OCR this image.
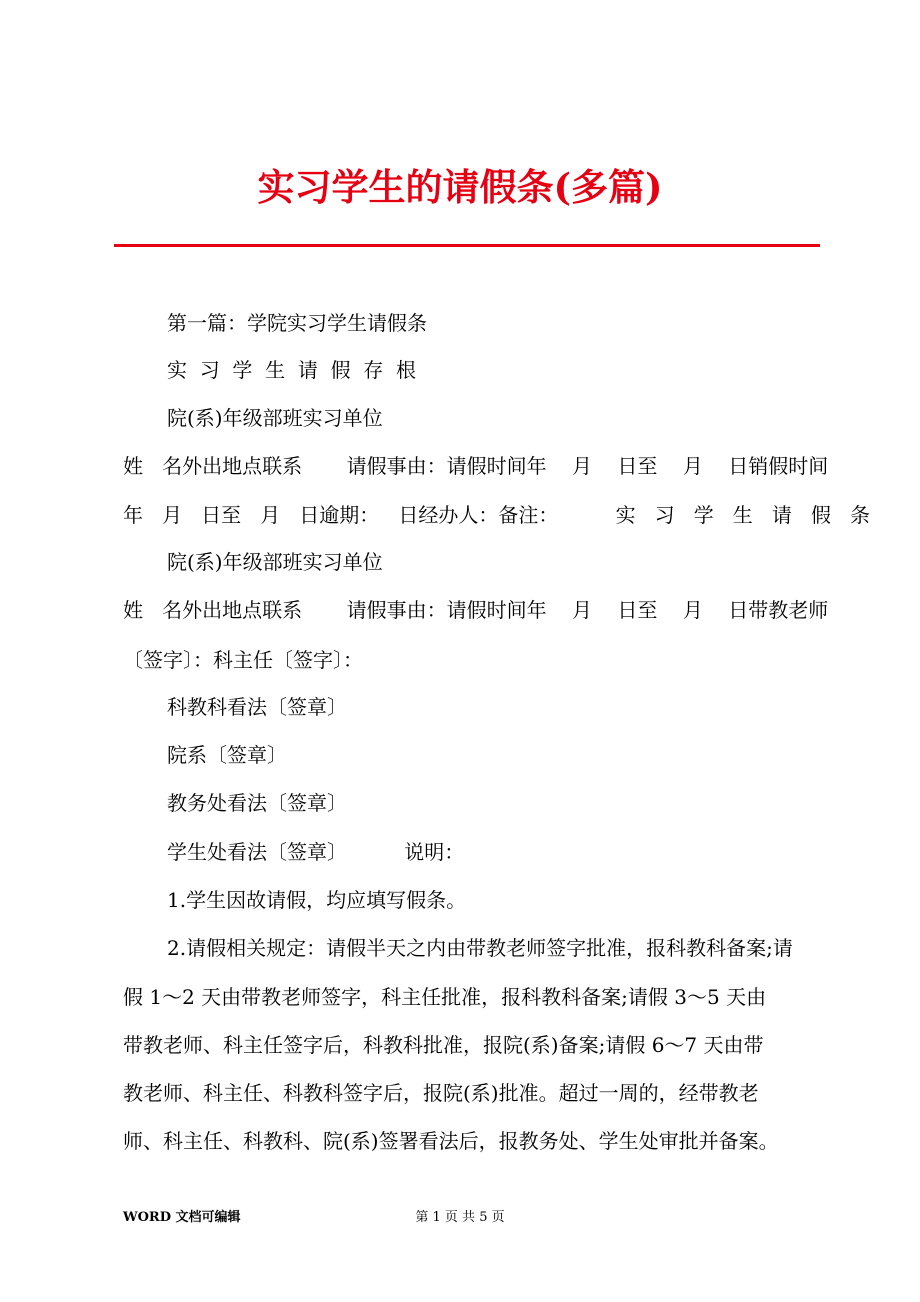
实习学生的请假条(多篇)
第一篇：学院实习学生请假条
实  习  学  生  请  假  存  根
院(系)年级部班实习单位
姓   名外出地点联系       请假事由：请假时间年    月    日至    月    日销假时间
年   月   日至   月   日逾期：   日经办人：备注：         实   习   学   生   请   假   条
院(系)年级部班实习单位
姓   名外出地点联系       请假事由：请假时间年    月    日至    月    日带教老师
〔签字〕：科主任〔签字〕：
科教科看法〔签章〕
院系〔签章〕
教务处看法〔签章〕
学生处看法〔签章〕         说明：
1.学生因故请假，均应填写假条。
2.请假相关规定：请假半天之内由带教老师签字批准，报科教科备案;请
假 1～2 天由带教老师签字，科主任批准，报科教科备案;请假 3～5 天由
带教老师、科主任签字后，科教科批准，报院(系)备案;请假 6～7 天由带
教老师、科主任、科教科签字后，报院(系)批准。超过一周的，经带教老
师、科主任、科教科、院(系)签署看法后，报教务处、学生处审批并备案。
WORD 文档可编辑	第 1 页 共 5 页
